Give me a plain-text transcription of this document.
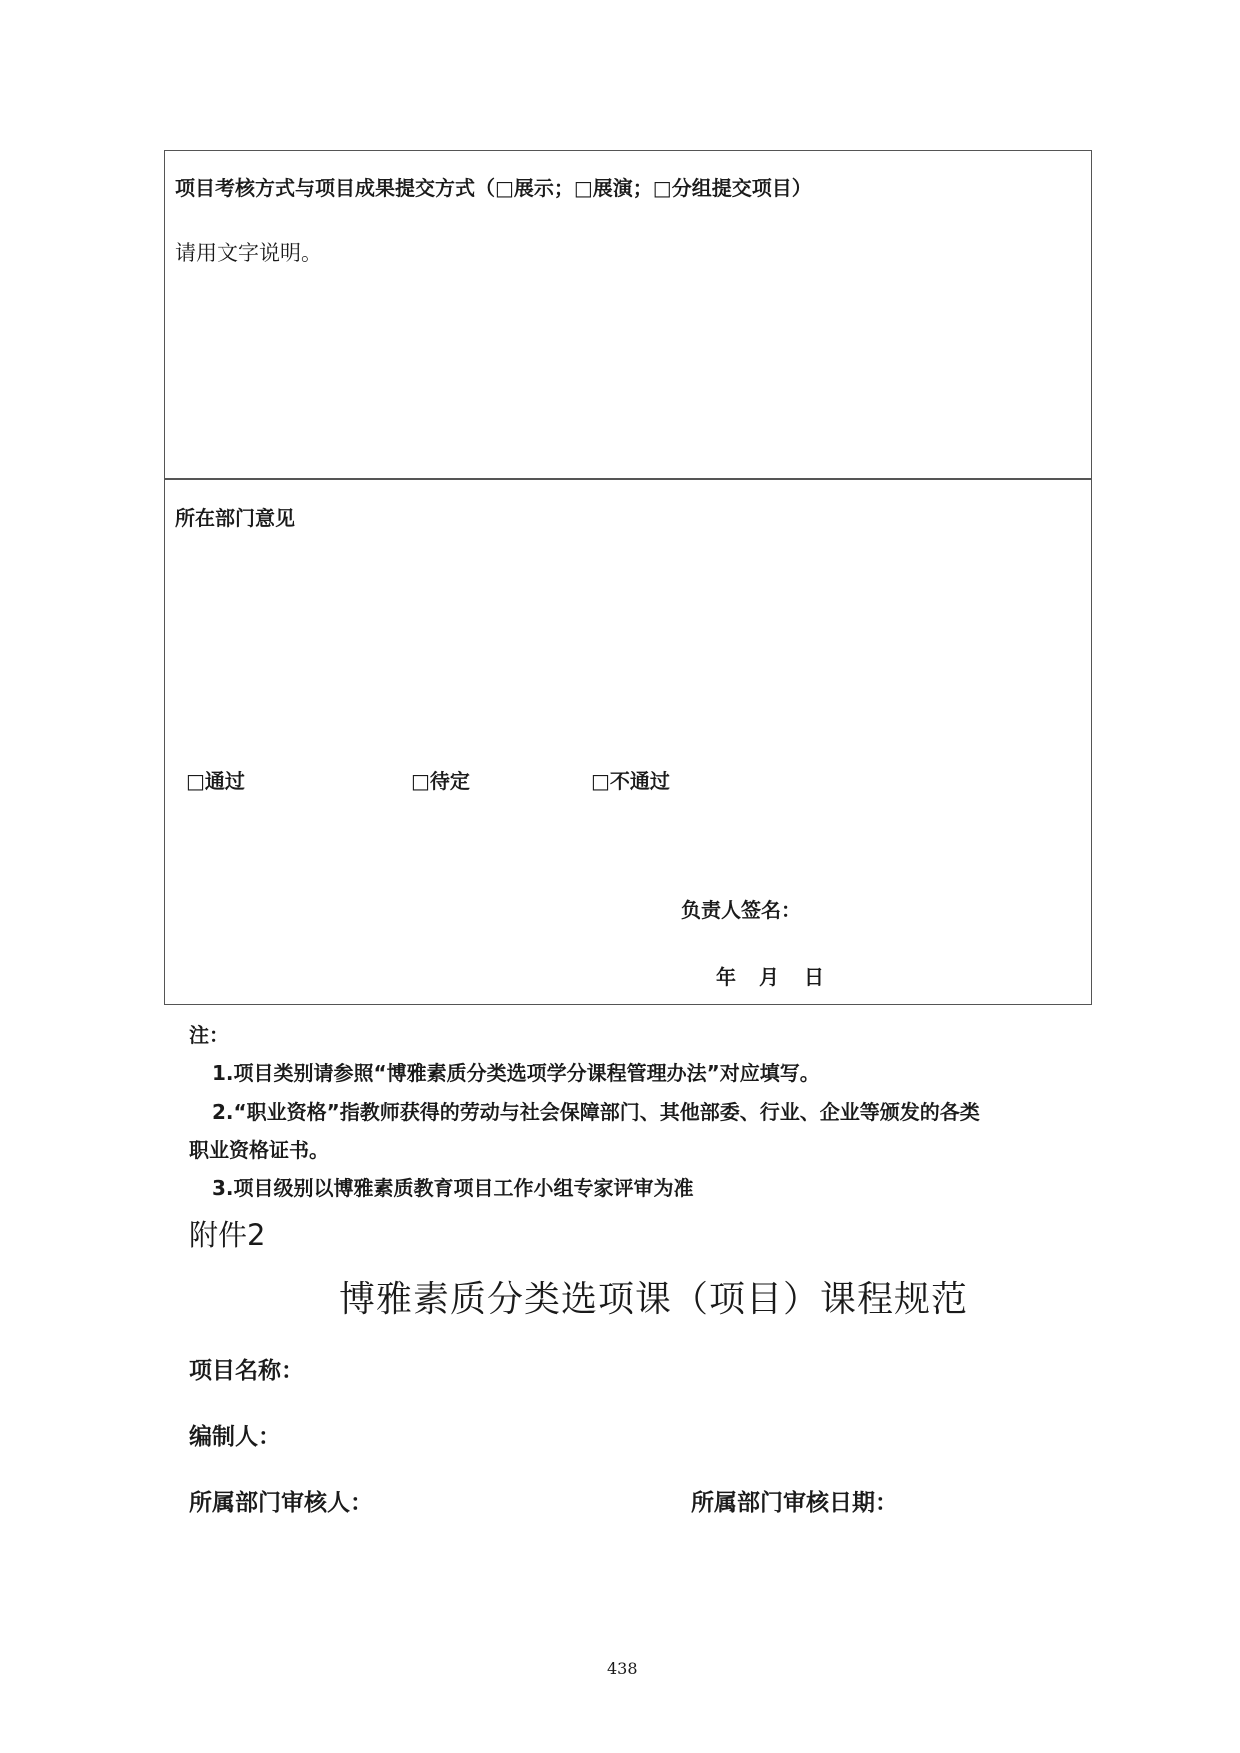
项目考核方式与项目成果提交方式（□展示；□展演；□分组提交项目）
请用文字说明。
所在部门意见
□通过	□待定	□不通过
负责人签名：
年 月 日
注：
1.项目类别请参照“博雅素质分类选项学分课程管理办法”对应填写。
2.“职业资格”指教师获得的劳动与社会保障部门、其他部委、行业、企业等颁发的各类
职业资格证书。
3.项目级别以博雅素质教育项目工作小组专家评审为准
附件2
博雅素质分类选项课（项目）课程规范
项目名称：
编制人：
所属部门审核人：	所属部门审核日期：
438
